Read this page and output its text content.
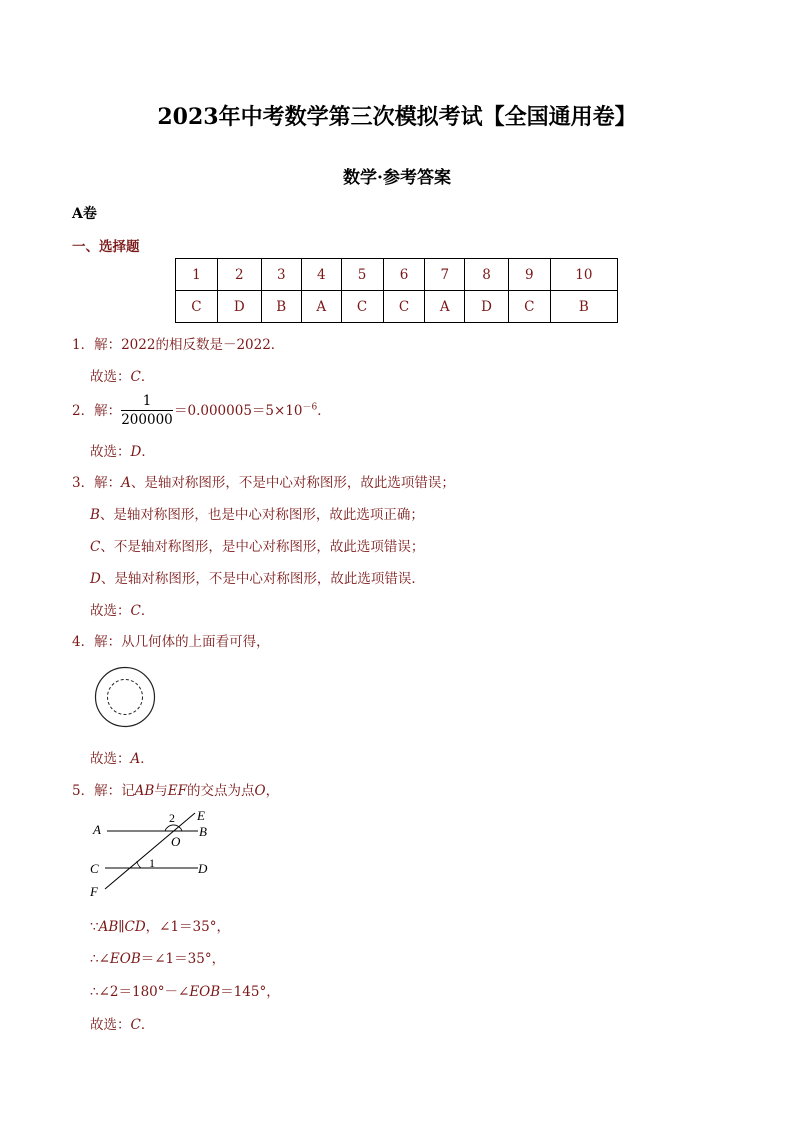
2023年中考数学第三次模拟考试【全国通用卷】
数学·参考答案
A卷
一、选择题
1	2	3	4	5	6	7	8	9	10
C	D	B	A	C	C	A	D	C	B
1．解：2022的相反数是－2022．
故选：C．
2．解：
1
200000
$=0.000005=5\times 10^{-6}$．
故选：D．
3．解：A、是轴对称图形，不是中心对称图形，故此选项错误；
B、是轴对称图形，也是中心对称图形，故此选项正确；
C、不是轴对称图形，是中心对称图形，故此选项错误；
D、是轴对称图形，不是中心对称图形，故此选项错误．
故选：C．
4．解：从几何体的上面看可得，
故选：A．
5．解：记AB与EF的交点为点O，
A	B
C	D
E
F
O
1
2
∵AB∥CD，∠1＝35°，
∴∠EOB＝∠1＝35°，
∴∠2＝180°－∠EOB＝145°，
故选：C．
